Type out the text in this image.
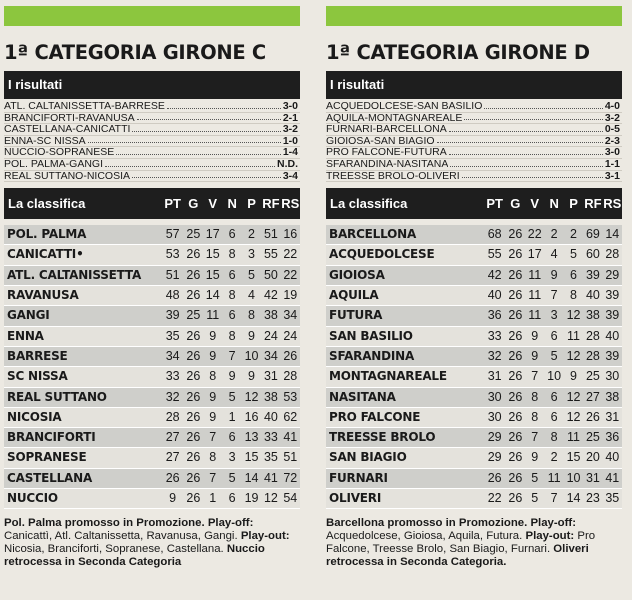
1ª CATEGORIA GIRONE C
I risultati
ATL. CALTANISSETTA-BARRESE	3-0
BRANCIFORTI-RAVANUSA	2-1
CASTELLANA-CANICATTI	3-2
ENNA-SC NISSA	1-0
NUCCIO-SOPRANESE	1-4
POL. PALMA-GANGI	N.D.
REAL SUTTANO-NICOSIA	3-4
La classifica	PT G V N P RF RS
POL. PALMA	57 25 17 6 2 51 16
CANICATTI•	53 26 15 8 3 55 22
ATL. CALTANISSETTA	51 26 15 6 5 50 22
RAVANUSA	48 26 14 8 4 42 19
GANGI	39 25 11 6 8 38 34
ENNA	35 26 9 8 9 24 24
BARRESE	34 26 9 7 10 34 26
SC NISSA	33 26 8 9 9 31 28
REAL SUTTANO	32 26 9 5 12 38 53
NICOSIA	28 26 9 1 16 40 62
BRANCIFORTI	27 26 7 6 13 33 41
SOPRANESE	27 26 8 3 15 35 51
CASTELLANA	26 26 7 5 14 41 72
NUCCIO	9 26 1 6 19 12 54
Pol. Palma promosso in Promozione. Play-off: Canicattì, Atl. Caltanissetta, Ravanusa, Gangi. Play-out: Nicosia, Branciforti, Sopranese, Castellana. Nuccio retrocessa in Seconda Categoria
1ª CATEGORIA GIRONE D
I risultati
ACQUEDOLCESE-SAN BASILIO	4-0
AQUILA-MONTAGNAREALE	3-2
FURNARI-BARCELLONA	0-5
GIOIOSA-SAN BIAGIO	2-3
PRO FALCONE-FUTURA	3-0
SFARANDINA-NASITANA	1-1
TREESSE BROLO-OLIVERI	3-1
La classifica	PT G V N P RF RS
BARCELLONA	68 26 22 2 2 69 14
ACQUEDOLCESE	55 26 17 4 5 60 28
GIOIOSA	42 26 11 9 6 39 29
AQUILA	40 26 11 7 8 40 39
FUTURA	36 26 11 3 12 38 39
SAN BASILIO	33 26 9 6 11 28 40
SFARANDINA	32 26 9 5 12 28 39
MONTAGNAREALE	31 26 7 10 9 25 30
NASITANA	30 26 8 6 12 27 38
PRO FALCONE	30 26 8 6 12 26 31
TREESSE BROLO	29 26 7 8 11 25 36
SAN BIAGIO	29 26 9 2 15 20 40
FURNARI	26 26 5 11 10 31 41
OLIVERI	22 26 5 7 14 23 35
Barcellona promosso in Promozione. Play-off: Acquedolcese, Gioiosa, Aquila, Futura. Play-out: Pro Falcone, Treesse Brolo, San Biagio, Furnari. Oliveri retrocessa in Seconda Categoria.
